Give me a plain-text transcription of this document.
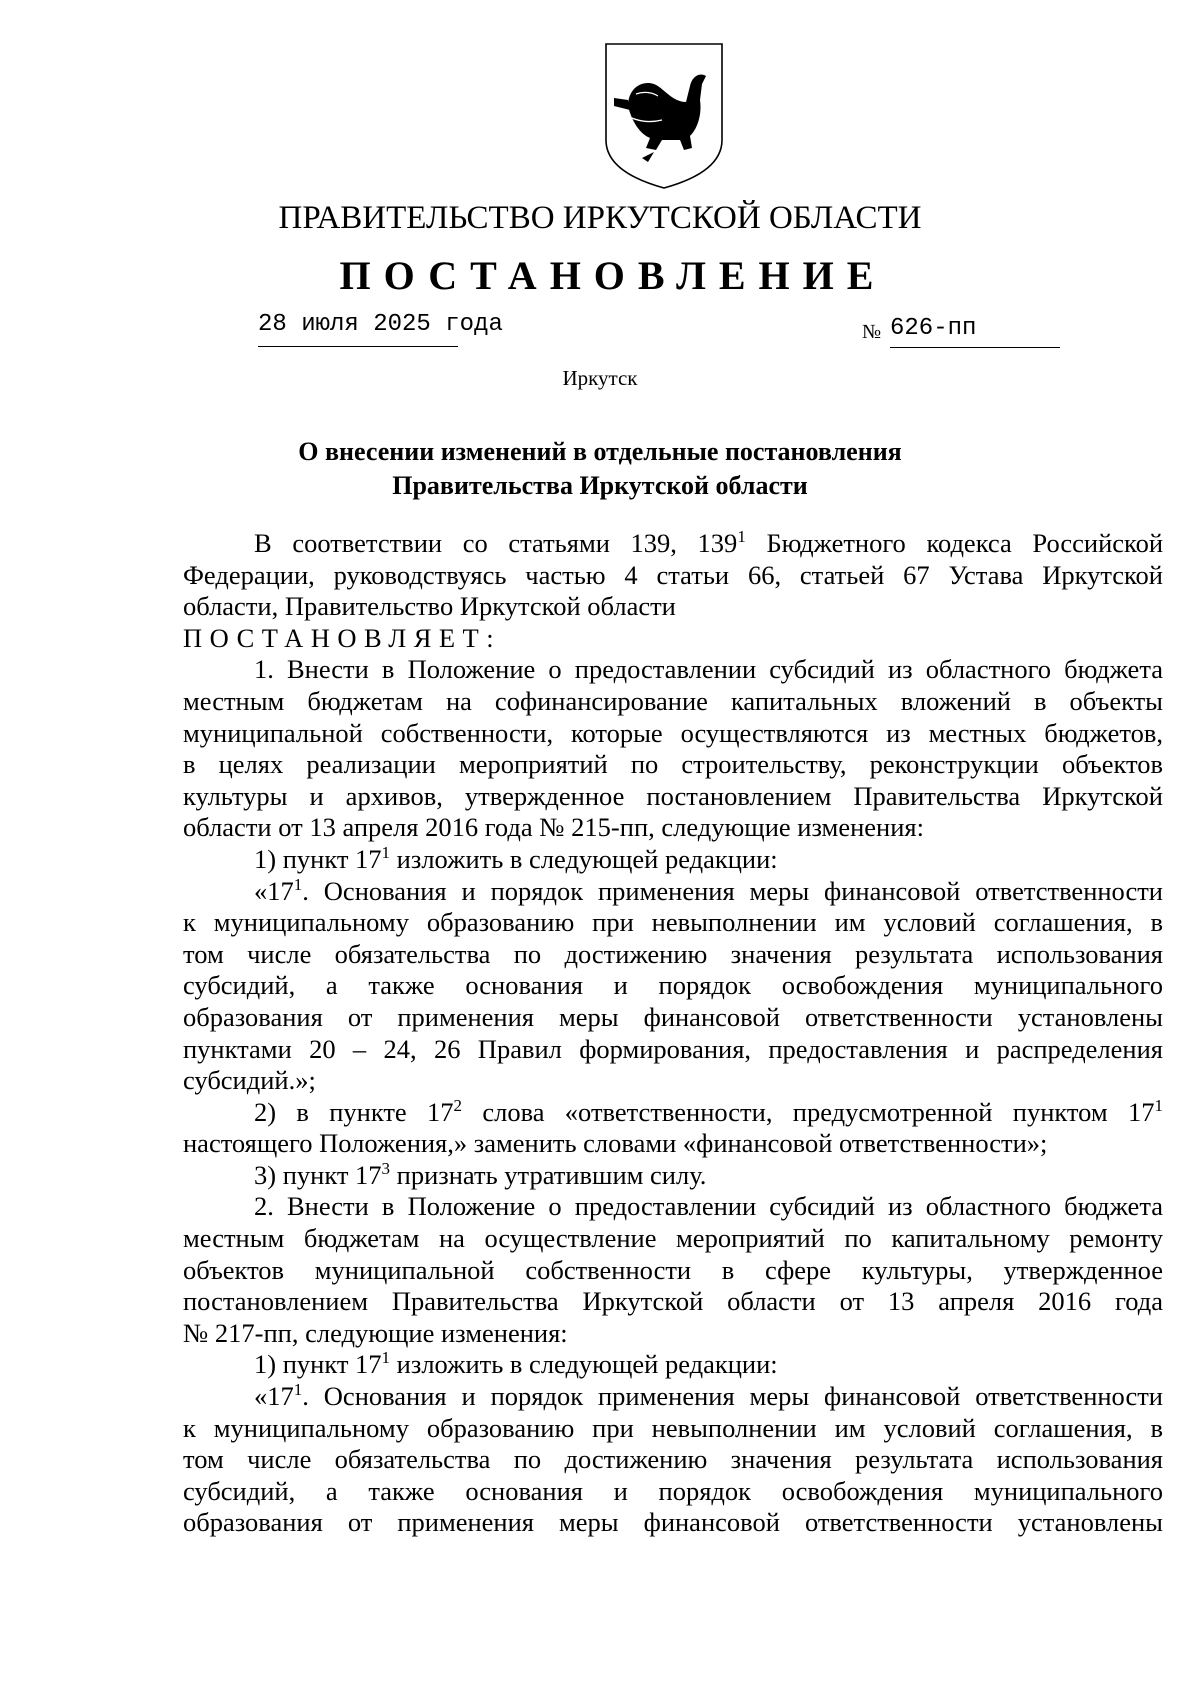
ПРАВИТЕЛЬСТВО ИРКУТСКОЙ ОБЛАСТИ
ПОСТАНОВЛЕНИЕ
28 июля 2025 года	№ 626-пп
Иркутск
О внесении изменений в отдельные постановления
Правительства Иркутской области
В соответствии со статьями 139, $139^1$ Бюджетного кодекса Российской
Федерации, руководствуясь частью 4 статьи 66, статьей 67 Устава Иркутской
области, Правительство Иркутской области
ПОСТАНОВЛЯЕТ:
1. Внести в Положение о предоставлении субсидий из областного бюджета
местным бюджетам на софинансирование капитальных вложений в объекты
муниципальной собственности, которые осуществляются из местных бюджетов,
в целях реализации мероприятий по строительству, реконструкции объектов
культуры и архивов, утвержденное постановлением Правительства Иркутской
области от 13 апреля 2016 года № 215-пп, следующие изменения:
1) пункт $17^1$ изложить в следующей редакции:
«$17^1$. Основания и порядок применения меры финансовой ответственности
к муниципальному образованию при невыполнении им условий соглашения, в
том числе обязательства по достижению значения результата использования
субсидий, а также основания и порядок освобождения муниципального
образования от применения меры финансовой ответственности установлены
пунктами 20 – 24, 26 Правил формирования, предоставления и распределения
субсидий.»;
2) в пункте $17^2$ слова «ответственности, предусмотренной пунктом $17^1$
настоящего Положения,» заменить словами «финансовой ответственности»;
3) пункт $17^3$ признать утратившим силу.
2. Внести в Положение о предоставлении субсидий из областного бюджета
местным бюджетам на осуществление мероприятий по капитальному ремонту
объектов муниципальной собственности в сфере культуры, утвержденное
постановлением Правительства Иркутской области от 13 апреля 2016 года
№ 217-пп, следующие изменения:
1) пункт $17^1$ изложить в следующей редакции:
«$17^1$. Основания и порядок применения меры финансовой ответственности
к муниципальному образованию при невыполнении им условий соглашения, в
том числе обязательства по достижению значения результата использования
субсидий, а также основания и порядок освобождения муниципального
образования от применения меры финансовой ответственности установлены
